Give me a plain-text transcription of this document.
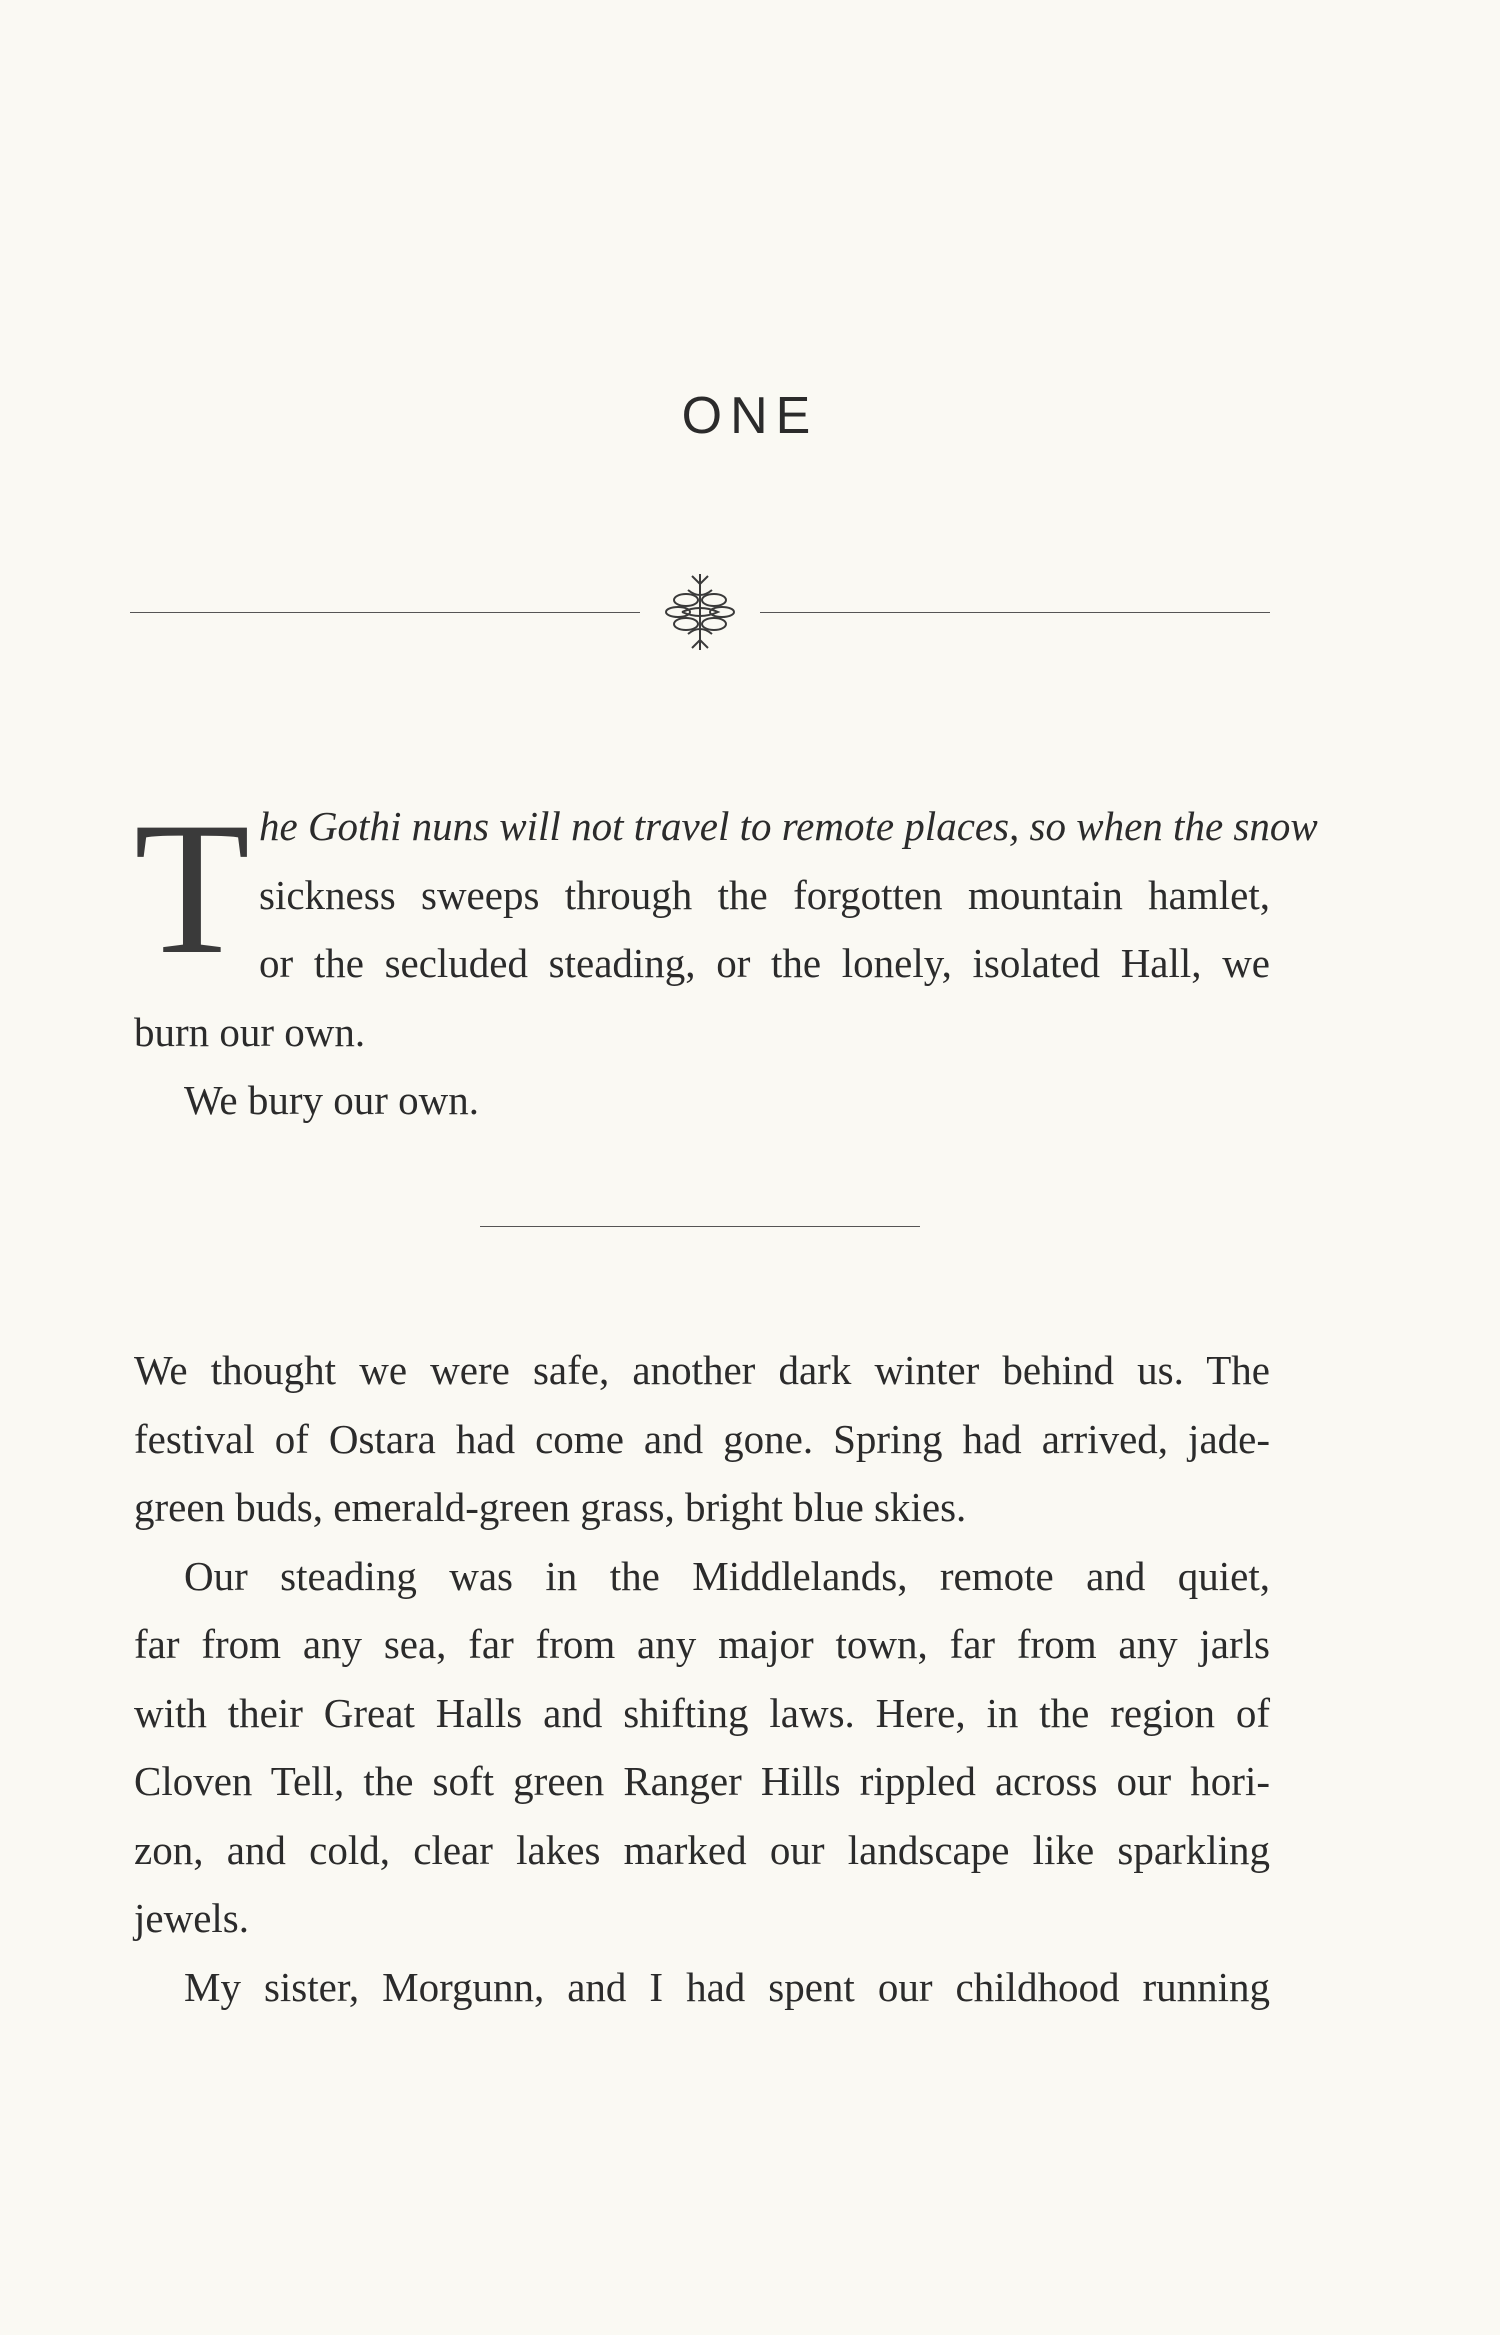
ONE
T he Gothi nuns will not travel to remote places, so when the snow
sickness sweeps through the forgotten mountain hamlet,
or the secluded steading, or the lonely, isolated Hall, we
burn our own.
We bury our own.
We thought we were safe, another dark winter behind us. The
festival of Ostara had come and gone. Spring had arrived, jade-
green buds, emerald-green grass, bright blue skies.
Our steading was in the Middlelands, remote and quiet,
far from any sea, far from any major town, far from any jarls
with their Great Halls and shifting laws. Here, in the region of
Cloven Tell, the soft green Ranger Hills rippled across our hori-
zon, and cold, clear lakes marked our landscape like sparkling
jewels.
My sister, Morgunn, and I had spent our childhood running
